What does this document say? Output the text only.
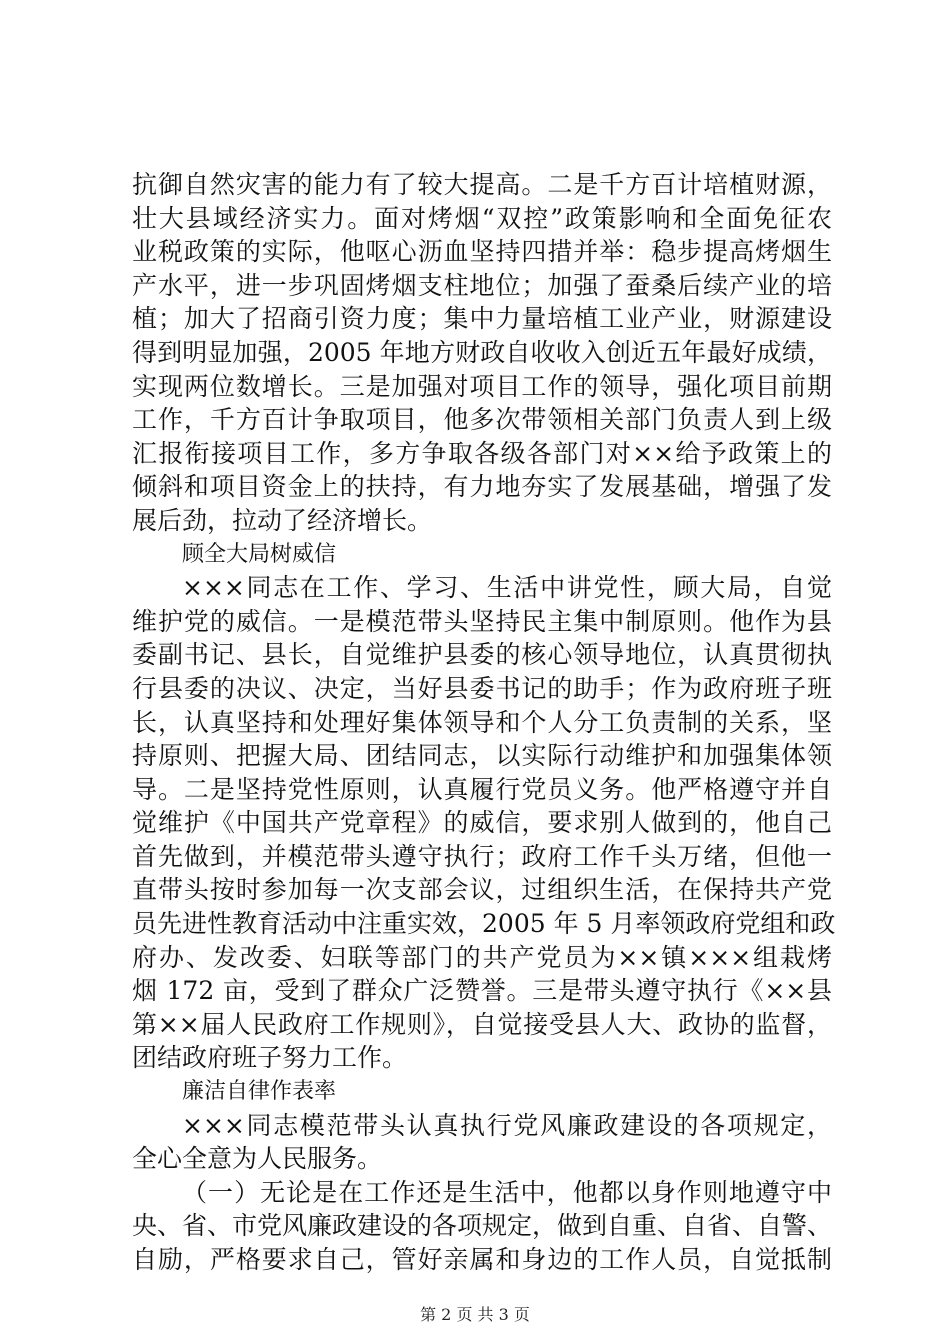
抗御自然灾害的能力有了较大提高。二是千方百计培植财源，
壮大县域经济实力。面对烤烟“双控”政策影响和全面免征农
业税政策的实际，他呕心沥血坚持四措并举：稳步提高烤烟生
产水平，进一步巩固烤烟支柱地位；加强了蚕桑后续产业的培
植；加大了招商引资力度；集中力量培植工业产业，财源建设
得到明显加强，2005 年地方财政自收收入创近五年最好成绩，
实现两位数增长。三是加强对项目工作的领导，强化项目前期
工作，千方百计争取项目，他多次带领相关部门负责人到上级
汇报衔接项目工作，多方争取各级各部门对××给予政策上的
倾斜和项目资金上的扶持，有力地夯实了发展基础，增强了发
展后劲，拉动了经济增长。
顾全大局树威信
×××同志在工作、学习、生活中讲党性，顾大局，自觉
维护党的威信。一是模范带头坚持民主集中制原则。他作为县
委副书记、县长，自觉维护县委的核心领导地位，认真贯彻执
行县委的决议、决定，当好县委书记的助手；作为政府班子班
长，认真坚持和处理好集体领导和个人分工负责制的关系，坚
持原则、把握大局、团结同志，以实际行动维护和加强集体领
导。二是坚持党性原则，认真履行党员义务。他严格遵守并自
觉维护《中国共产党章程》的威信，要求别人做到的，他自己
首先做到，并模范带头遵守执行；政府工作千头万绪，但他一
直带头按时参加每一次支部会议，过组织生活，在保持共产党
员先进性教育活动中注重实效，2005 年 5 月率领政府党组和政
府办、发改委、妇联等部门的共产党员为××镇×××组栽烤
烟 172 亩，受到了群众广泛赞誉。三是带头遵守执行《××县
第××届人民政府工作规则》，自觉接受县人大、政协的监督，
团结政府班子努力工作。
廉洁自律作表率
×××同志模范带头认真执行党风廉政建设的各项规定，
全心全意为人民服务。
（一）无论是在工作还是生活中，他都以身作则地遵守中
央、省、市党风廉政建设的各项规定，做到自重、自省、自警、
自励，严格要求自己，管好亲属和身边的工作人员，自觉抵制
第 2 页 共 3 页
